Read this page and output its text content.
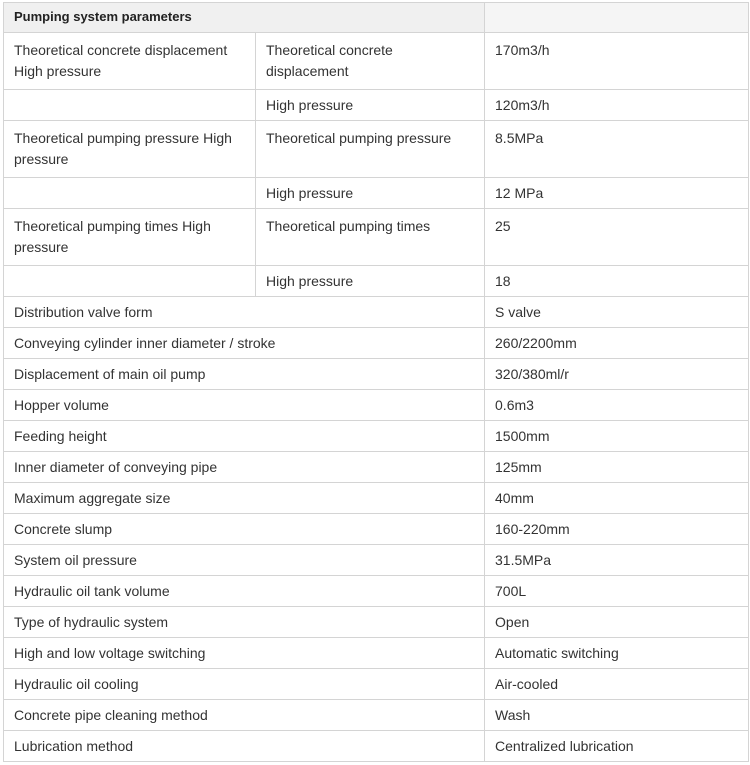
Pumping system parameters		
Theoretical concrete displacement High pressure	Theoretical concrete displacement	170m3/h
	High pressure	120m3/h
Theoretical pumping pressure High pressure	Theoretical pumping pressure	8.5MPa
	High pressure	12 MPa
Theoretical pumping times High pressure	Theoretical pumping times	25
	High pressure	18
Distribution valve form		S valve
Conveying cylinder inner diameter / stroke		260/2200mm
Displacement of main oil pump		320/380ml/r
Hopper volume		0.6m3
Feeding height		1500mm
Inner diameter of conveying pipe		125mm
Maximum aggregate size		40mm
Concrete slump		160-220mm
System oil pressure		31.5MPa
Hydraulic oil tank volume		700L
Type of hydraulic system		Open
High and low voltage switching		Automatic switching
Hydraulic oil cooling		Air-cooled
Concrete pipe cleaning method		Wash
Lubrication method		Centralized lubrication
